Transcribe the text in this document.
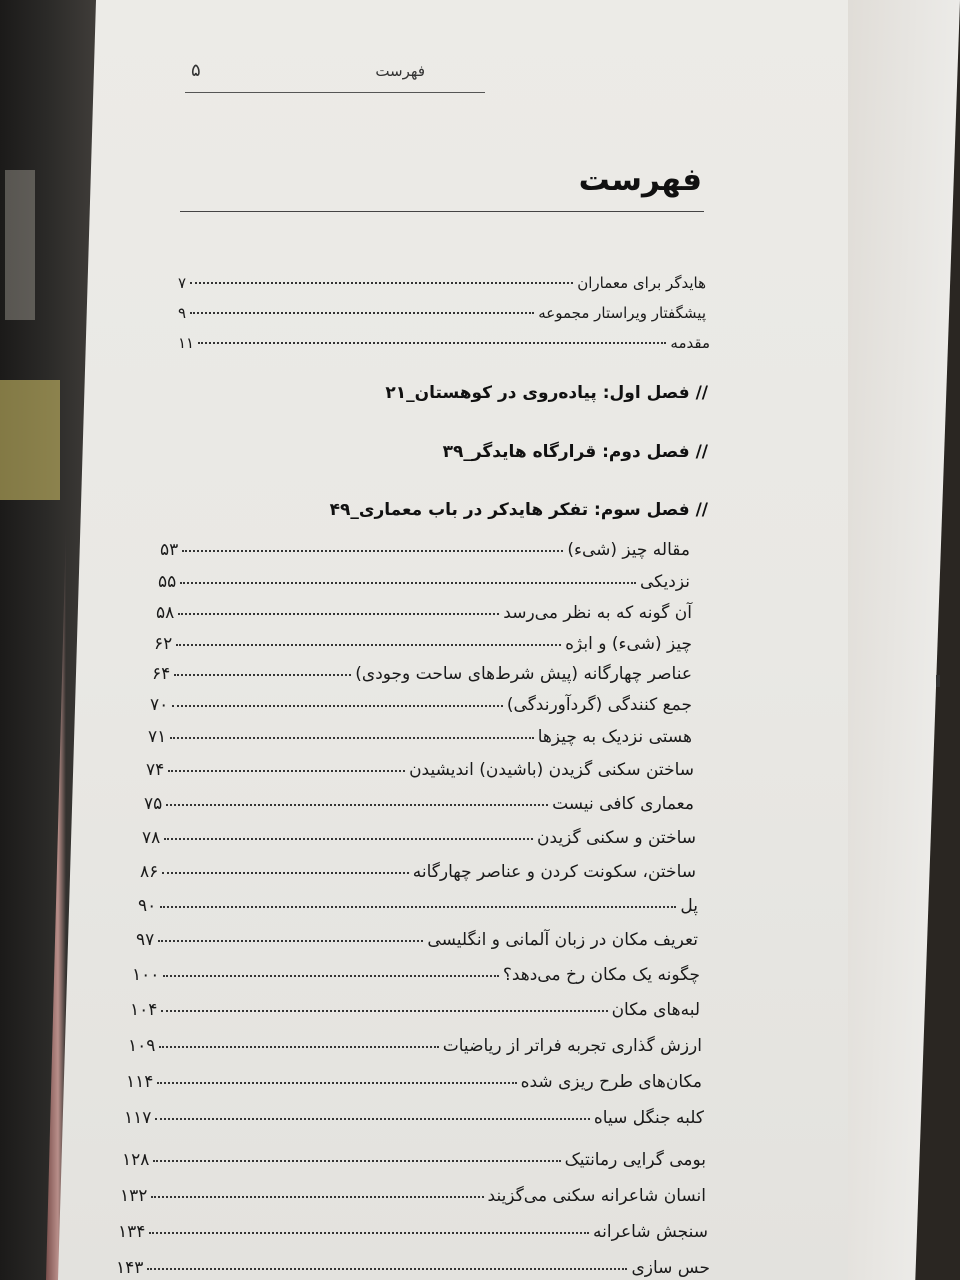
فهرست
۵
فهرست
هایدگر برای معماران
۷
پیشگفتار ویراستار مجموعه
۹
مقدمه
۱۱
// فصل اول: پیاده‌روی در کوهستان_۲۱
// فصل دوم: قرارگاه هایدگر_۳۹
// فصل سوم: تفکر هایدکر در باب معماری_۴۹
مقاله چیز (شیء)
۵۳
نزدیکی
۵۵
آن گونه که به نظر می‌رسد
۵۸
چیز (شیء) و ابژه
۶۲
عناصر چهارگانه (پیش شرط‌های ساحت وجودی)
۶۴
جمع کنندگی (گردآورندگی)
۷۰
هستی نزدیک به چیزها
۷۱
ساختن سکنی گزیدن (باشیدن) اندیشیدن
۷۴
معماری کافی نیست
۷۵
ساختن و سکنی گزیدن
۷۸
ساختن، سکونت کردن و عناصر چهارگانه
۸۶
پل
۹۰
تعریف مکان در زبان آلمانی و انگلیسی
۹۷
چگونه یک مکان رخ می‌دهد؟
۱۰۰
لبه‌های مکان
۱۰۴
ارزش گذاری تجربه فراتر از ریاضیات
۱۰۹
مکان‌های طرح ریزی شده
۱۱۴
کلبه جنگل سیاه
۱۱۷
بومی گرایی رمانتیک
۱۲۸
انسان شاعرانه سکنی می‌گزیند
۱۳۲
سنجش شاعرانه
۱۳۴
حس سازی
۱۴۳
